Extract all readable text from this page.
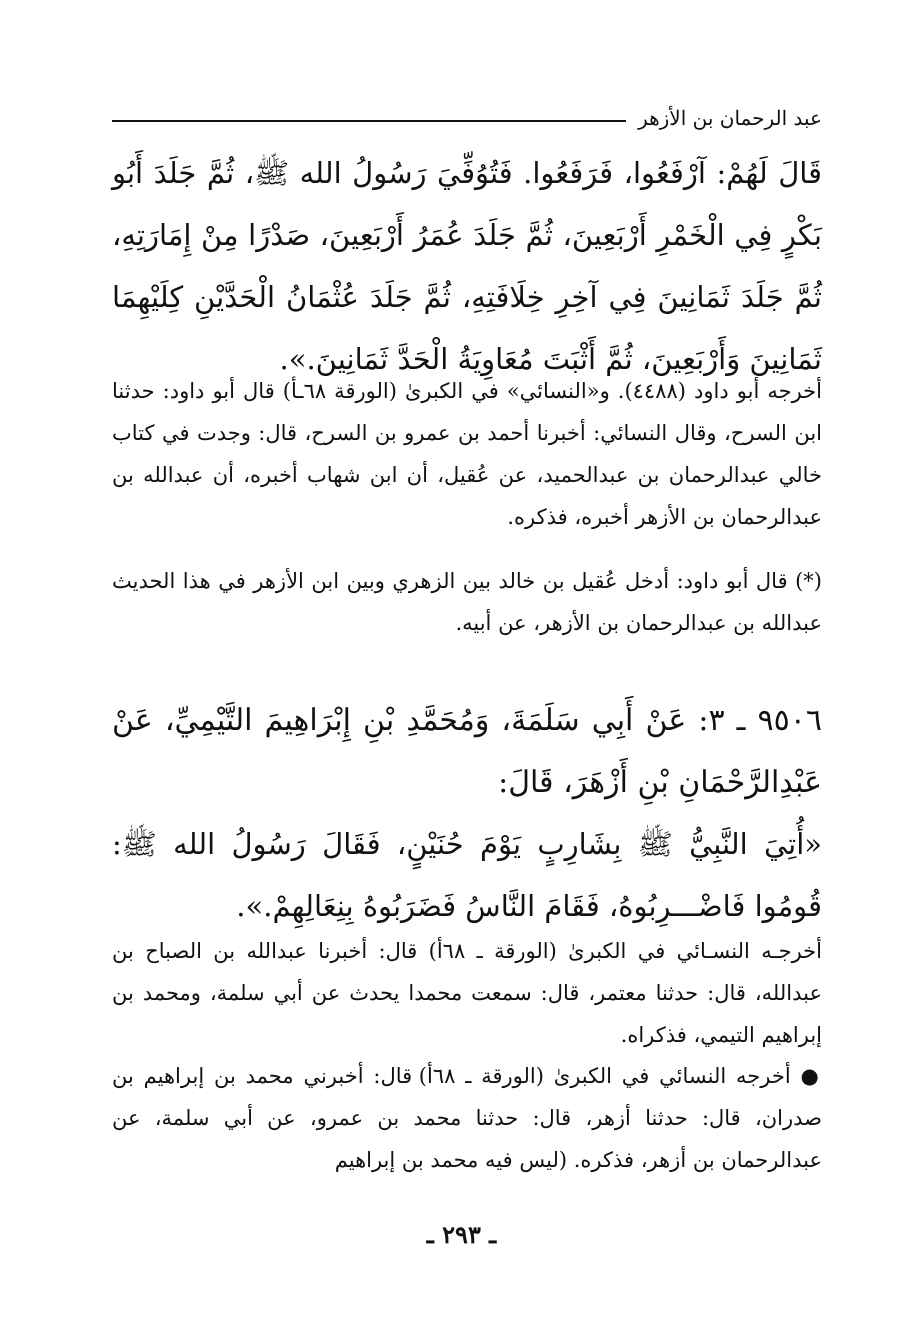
عبد الرحمان بن الأزهر

قَالَ لَهُمْ: آرْفَعُوا، فَرَفَعُوا. فَتُوُفِّيَ رَسُولُ الله ﷺ، ثُمَّ جَلَدَ أَبُو بَكْرٍ فِي الْخَمْرِ أَرْبَعِينَ، ثُمَّ جَلَدَ عُمَرُ أَرْبَعِينَ، صَدْرًا مِنْ إِمَارَتِهِ، ثُمَّ جَلَدَ ثَمَانِينَ فِي آخِرِ خِلَافَتِهِ، ثُمَّ جَلَدَ عُثْمَانُ الْحَدَّيْنِ كِلَيْهِمَا ثَمَانِينَ وَأَرْبَعِينَ، ثُمَّ أَثْبَتَ مُعَاوِيَةُ الْحَدَّ ثَمَانِينَ.».

أخرجه أبو داود (٤٤٨٨). و«النسائي» في الكبرىٰ (الورقة ٦٨ـأ) قال أبو داود: حدثنا ابن السرح، وقال النسائي: أخبرنا أحمد بن عمرو بن السرح، قال: وجدت في كتاب خالي عبدالرحمان بن عبدالحميد، عن عُقيل، أن ابن شهاب أخبره، أن عبدالله بن عبدالرحمان بن الأزهر أخبره، فذكره.

(*) قال أبو داود: أدخل عُقيل بن خالد بين الزهري وبين ابن الأزهر في هذا الحديث عبدالله بن عبدالرحمان بن الأزهر، عن أبيه.

٩٥٠٦ ـ ٣: عَنْ أَبِي سَلَمَةَ، وَمُحَمَّدِ بْنِ إِبْرَاهِيمَ التَّيْمِيِّ، عَنْ عَبْدِالرَّحْمَانِ بْنِ أَزْهَرَ، قَالَ:

«أُتِيَ النَّبِيُّ ﷺ بِشَارِبٍ يَوْمَ حُنَيْنٍ، فَقَالَ رَسُولُ الله ﷺ: قُومُوا فَاضْـــرِبُوهُ، فَقَامَ النَّاسُ فَضَرَبُوهُ بِنِعَالِهِمْ.».

أخرجـه النسـائي في الكبرىٰ (الورقة ـ ٦٨أ) قال: أخبرنا عبدالله بن الصباح بن عبدالله، قال: حدثنا معتمر، قال: سمعت محمدا يحدث عن أبي سلمة، ومحمد بن إبراهيم التيمي، فذكراه.

● أخرجه النسائي في الكبرىٰ (الورقة ـ ٦٨أ) قال: أخبرني محمد بن إبراهيم بن صدران، قال: حدثنا أزهر، قال: حدثنا محمد بن عمرو، عن أبي سلمة، عن عبدالرحمان بن أزهر، فذكره. (ليس فيه محمد بن إبراهيم

ـ ٢٩٣ ـ
